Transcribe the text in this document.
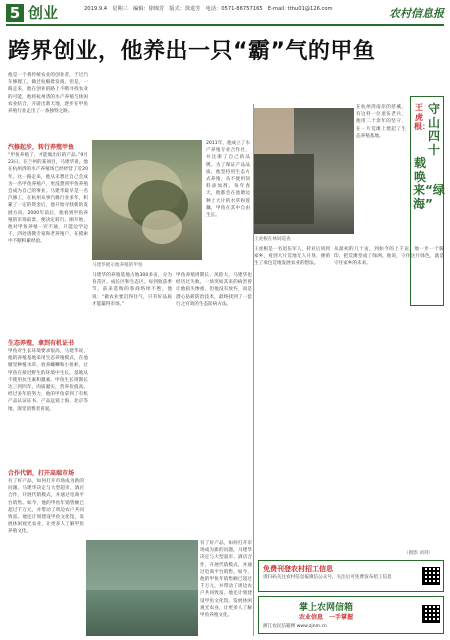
5 创业	2019.9.4　星期三　编辑：徐锦芳　版式：徐进芳　电话：0571-86757165　E-mail: tthu01@126.com	农村信息报
跨界创业，他养出一只“霸”气的甲鱼
他是一个将传统农业的创业者，于过汽车修理工，做过杭椒批发商，但是，一路走来，他在创业的路上不断寻找农业的可能，他将杭州湾的水产养殖与休闲农业结合，开辟出新天地，逐步在甲鱼养殖行业走出了一条独特之路。
汽修起步，转行养殖甲鱼
“甲鱼养殖了，才能做出好的产品。”9月23日，在兰州的某项目，马建华说，他在杭州湾的水产养殖场已经经营了近20年。这一路走来，他从未想过自己会成为一名甲鱼养殖户，更没想到甲鱼养殖会成为自己的事业。马建华最早是一名汽修工，在杭州从事汽修行业多年，积累了一定的资金后，他开始寻找新的发展方向。2000年前后，他看到甲鱼养殖的市场前景，便决定转行。刚开始，他对甲鱼养殖一窍不通，只能边学边干，四处请教专家和老养殖户，在摸索中不断积累经验。
生态养殖，拿到有机证书
甲鱼对生长环境要求很高，马建华说，他的养殖基地采用生态养殖模式，在池塘里种植水草，放养螺蛳和小鱼虾，让甲鱼在接近野生的环境中生长。基地从不使用抗生素和激素，甲鱼生长周期长达三到四年，肉质紧实，营养价值高。经过多年的努力，他的甲鱼拿到了有机产品认证证书，产品远销上海、北京等地，深受消费者喜爱。
合作代销，打开高端市场
有了好产品，如何打开市场成为新的问题。马建华决定与大型超市、酒店合作，开展代销模式，并通过电商平台销售。如今，他的甲鱼年销售额已超过千万元，并带动了周边农户共同致富。他还计划建设甲鱼文化馆，发展休闲观光农业，让更多人了解甲鱼养殖文化。
马建华展示他养殖的甲鱼
2011年，他成立了水产养殖专业合作社，并注册了自己的品牌。为了保证产品品质，他坚持用生态方式养殖，从不使用饲料添加剂。每年春天，他都会在池塘边种上大片的水草和莲藕，甲鱼在其中自由生长。
马建华的养殖基地占地300多亩，分为育苗区、成长区和生态区。每到收获季节，前来选购的客商络绎不绝。他说：“做农业要沉得住气，只有好品质才能赢得市场。”
甲鱼养殖周期长、风险大，马建华也经历过失败。一场突如其来的病害曾让他损失惨重，但他没有放弃，而是潜心钻研防治技术，最终找到了一套行之有效的生态防病方法。
有了好产品，如何打开市场成为新的问题。马建华决定与大型超市、酒店合作，开展代销模式，并通过电商平台销售。如今，他的甲鱼年销售额已超过千万元，并带动了周边农户共同致富。他还计划建设甲鱼文化馆，发展休闲观光农业，让更多人了解甲鱼养殖文化。
王虎根在林间巡查
在杭州湾南岸的慈溪，有这样一位退伍老兵，他用二十余年的坚守，在一片荒滩上建起了生态养殖基地。
王虎根是一名退伍军人，转业后回到家乡，看到大片荒地无人开垦，便萌生了承包荒地发展农业的想法。
从最初的几十亩，到如今的上千亩，他一步一个脚印，把荒滩变成了绿洲。他说，守住这片绿色，就是守住家乡的未来。
（摄影 刘剑）
王虎根：
守山四十
载唤来“绿海”
免费刊登农村招工信息
请扫码关注农村信息报微信公众号，关注后可免费发布招工信息
掌上农网信箱
农业信息　一手掌握
浙江农民信箱网 www.zjnm.cn
